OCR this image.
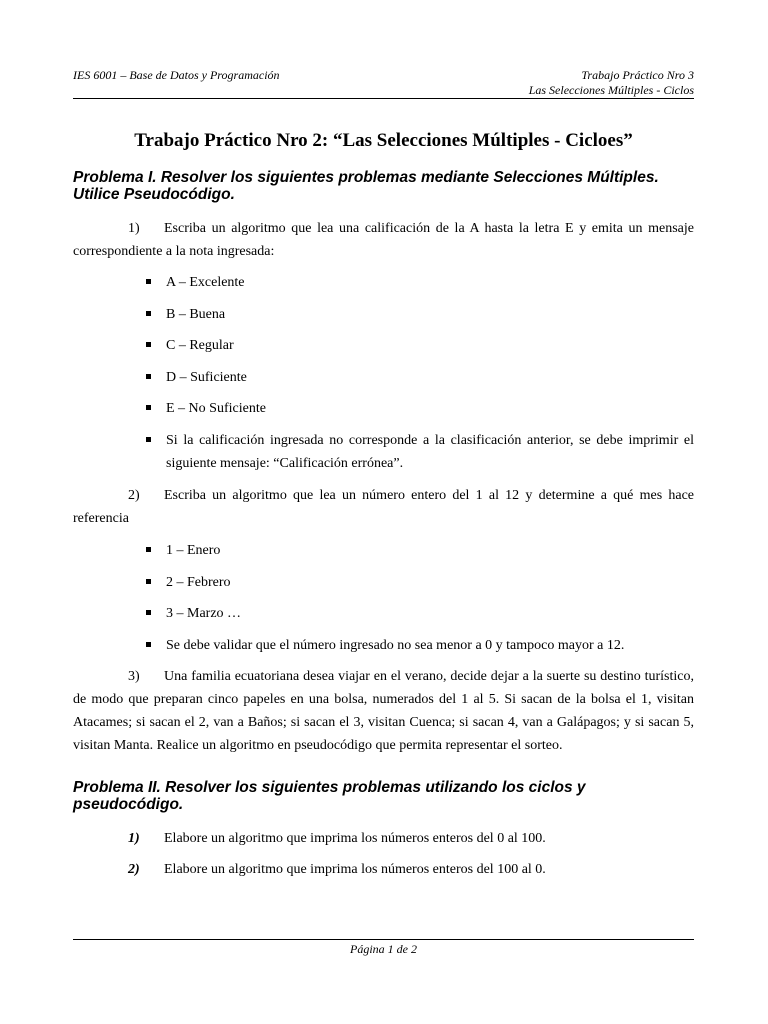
IES 6001 – Base de Datos y Programación	Trabajo Práctico Nro 3
Las Selecciones Múltiples - Ciclos
Trabajo Práctico Nro 2: “Las Selecciones Múltiples - Cicloes”
Problema I. Resolver los siguientes problemas mediante Selecciones Múltiples. Utilice Pseudocódigo.
1) Escriba un algoritmo que lea una calificación de la A hasta la letra E y emita un mensaje correspondiente a la nota ingresada:
A – Excelente
B – Buena
C – Regular
D – Suficiente
E – No Suficiente
Si la calificación ingresada no corresponde a la clasificación anterior, se debe imprimir el siguiente mensaje: “Calificación errónea”.
2) Escriba un algoritmo que lea un número entero del 1 al 12 y determine a qué mes hace referencia
1 – Enero
2 – Febrero
3 – Marzo …
Se debe validar que el número ingresado no sea menor a 0 y tampoco mayor a 12.
3) Una familia ecuatoriana desea viajar en el verano, decide dejar a la suerte su destino turístico, de modo que preparan cinco papeles en una bolsa, numerados del 1 al 5. Si sacan de la bolsa el 1, visitan Atacames; si sacan el 2, van a Baños; si sacan el 3, visitan Cuenca; si sacan 4, van a Galápagos; y si sacan 5, visitan Manta. Realice un algoritmo en pseudocódigo que permita representar el sorteo.
Problema II. Resolver los siguientes problemas utilizando los ciclos y pseudocódigo.
1) Elabore un algoritmo que imprima los números enteros del 0 al 100.
2) Elabore un algoritmo que imprima los números enteros del 100 al 0.
Página 1 de 2
